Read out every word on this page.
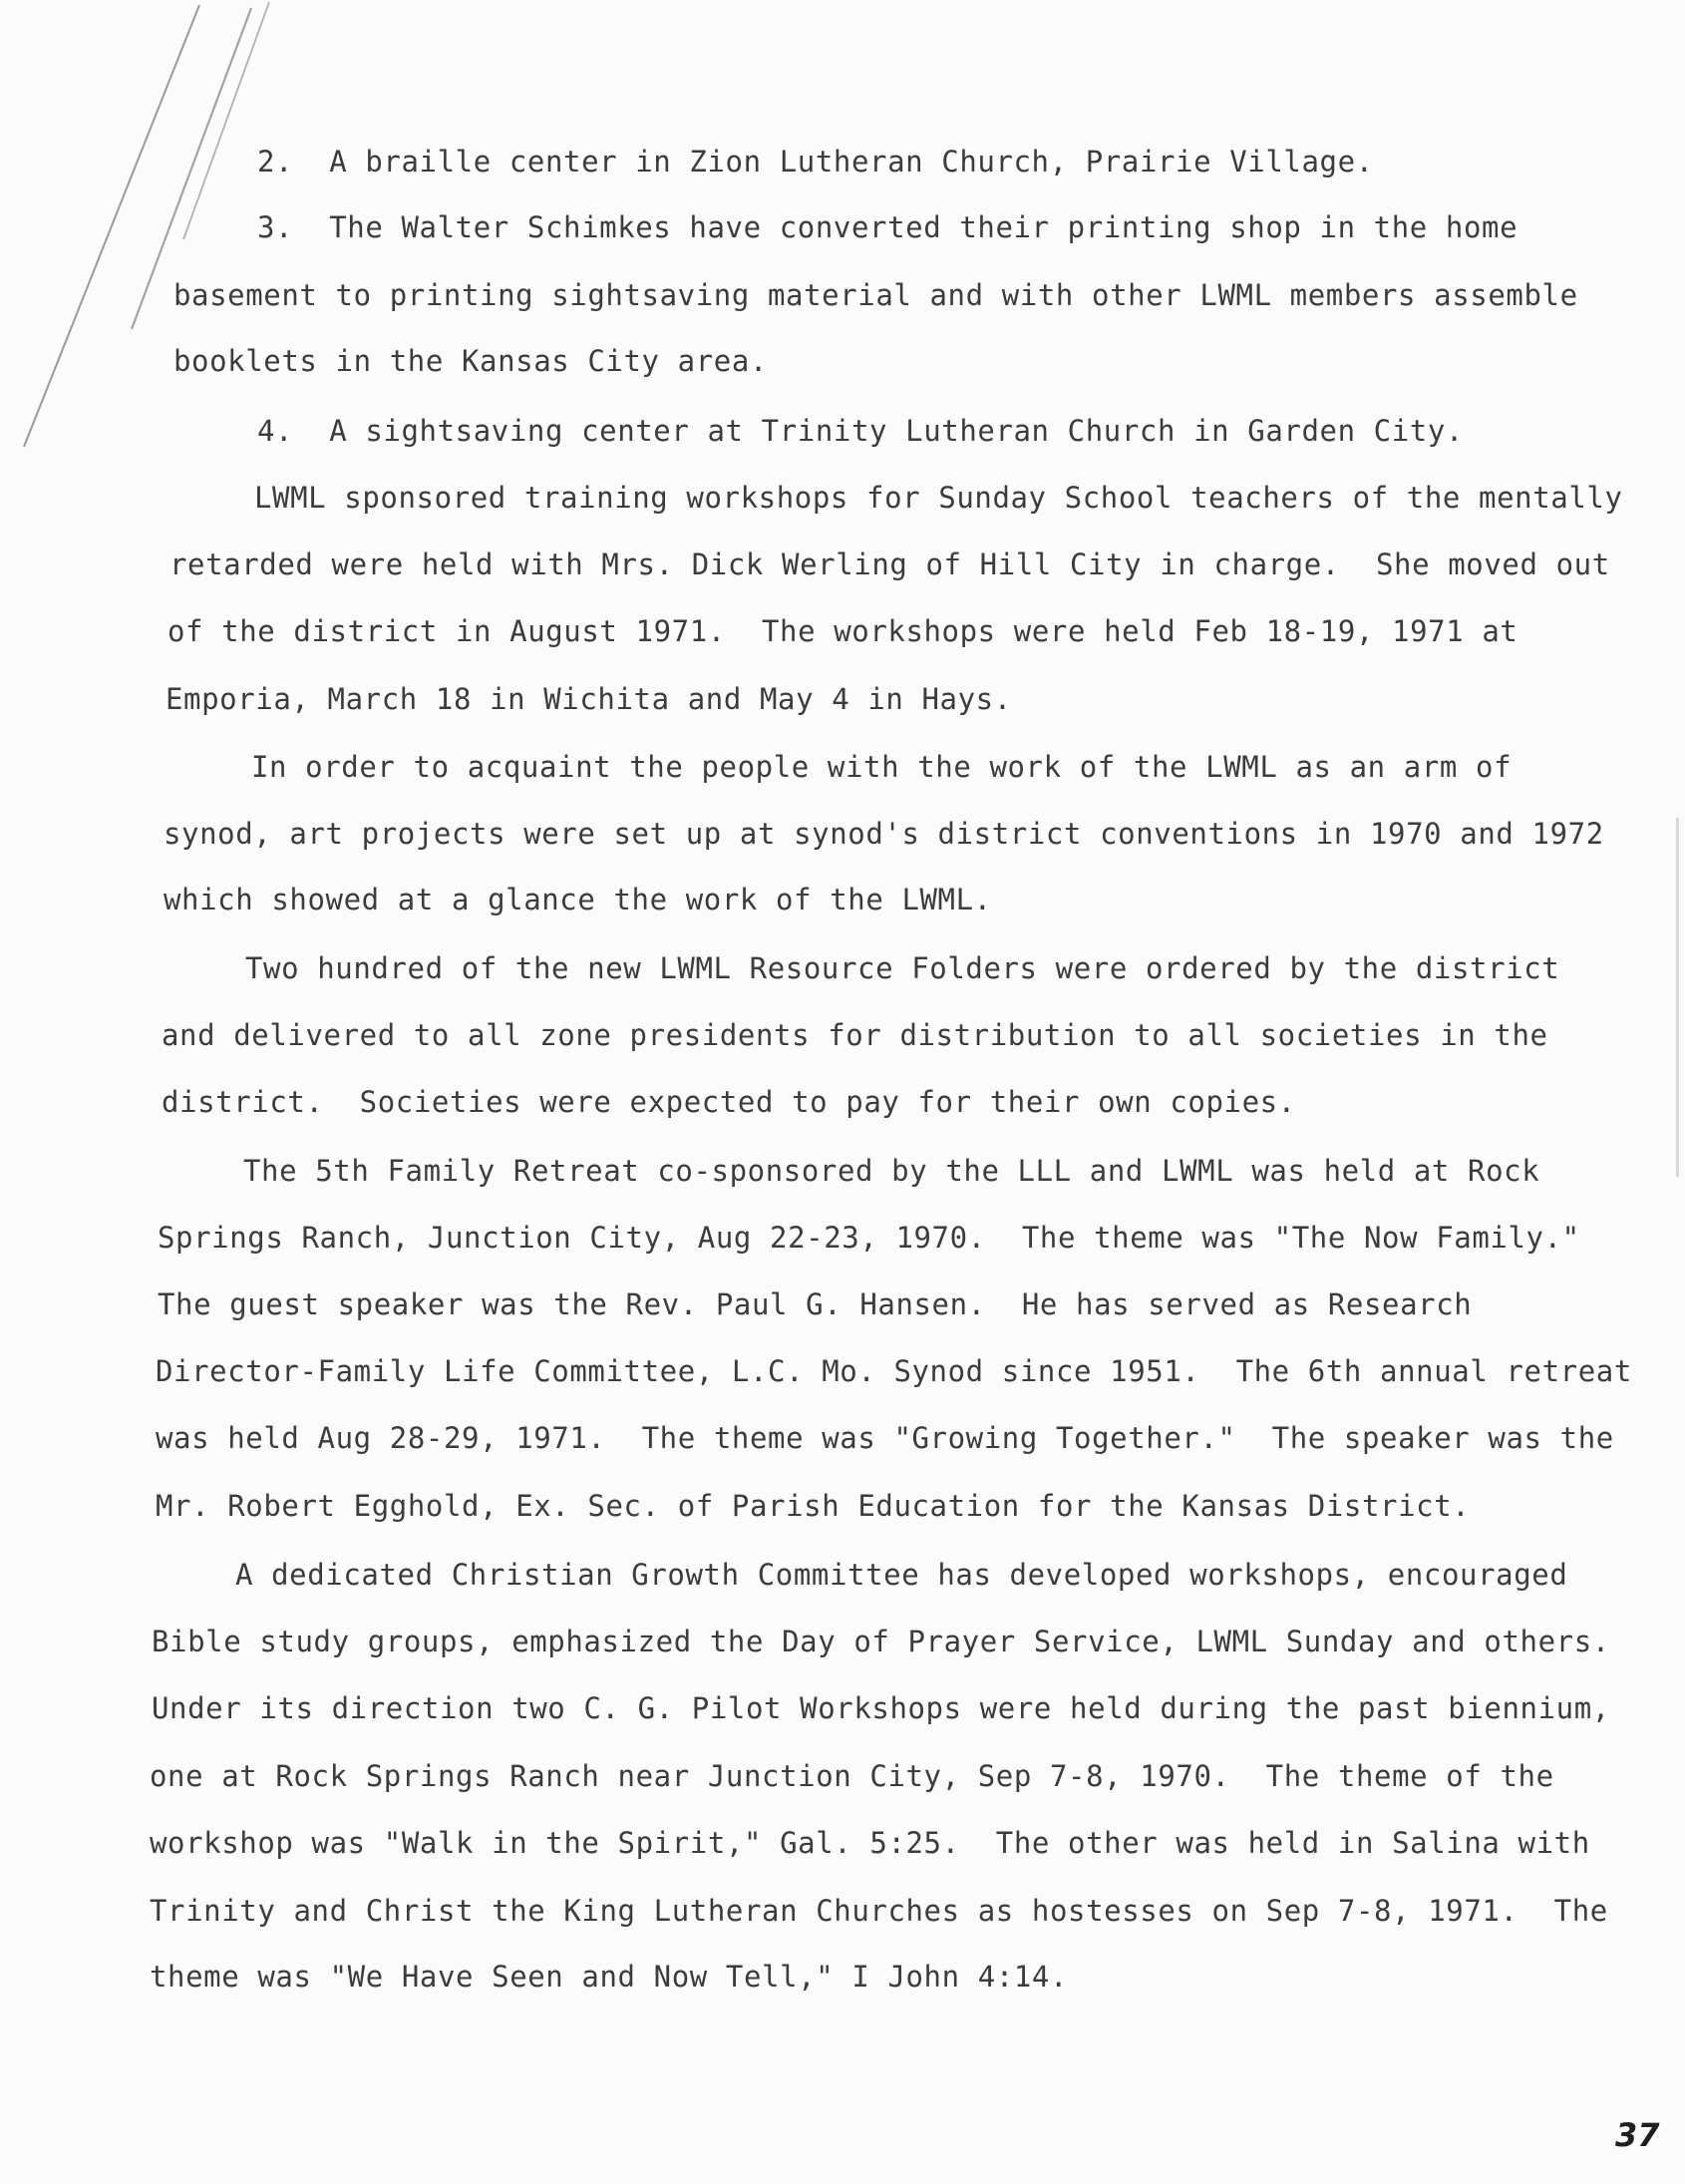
2.  A braille center in Zion Lutheran Church, Prairie Village.
3.  The Walter Schimkes have converted their printing shop in the home
basement to printing sightsaving material and with other LWML members assemble
booklets in the Kansas City area.
4.  A sightsaving center at Trinity Lutheran Church in Garden City.
LWML sponsored training workshops for Sunday School teachers of the mentally
retarded were held with Mrs. Dick Werling of Hill City in charge.  She moved out
of the district in August 1971.  The workshops were held Feb 18-19, 1971 at
Emporia, March 18 in Wichita and May 4 in Hays.
In order to acquaint the people with the work of the LWML as an arm of
synod, art projects were set up at synod's district conventions in 1970 and 1972
which showed at a glance the work of the LWML.
Two hundred of the new LWML Resource Folders were ordered by the district
and delivered to all zone presidents for distribution to all societies in the
district.  Societies were expected to pay for their own copies.
The 5th Family Retreat co-sponsored by the LLL and LWML was held at Rock
Springs Ranch, Junction City, Aug 22-23, 1970.  The theme was "The Now Family."
The guest speaker was the Rev. Paul G. Hansen.  He has served as Research
Director-Family Life Committee, L.C. Mo. Synod since 1951.  The 6th annual retreat
was held Aug 28-29, 1971.  The theme was "Growing Together."  The speaker was the
Mr. Robert Egghold, Ex. Sec. of Parish Education for the Kansas District.
A dedicated Christian Growth Committee has developed workshops, encouraged
Bible study groups, emphasized the Day of Prayer Service, LWML Sunday and others.
Under its direction two C. G. Pilot Workshops were held during the past biennium,
one at Rock Springs Ranch near Junction City, Sep 7-8, 1970.  The theme of the
workshop was "Walk in the Spirit," Gal. 5:25.  The other was held in Salina with
Trinity and Christ the King Lutheran Churches as hostesses on Sep 7-8, 1971.  The
theme was "We Have Seen and Now Tell," I John 4:14.
37
